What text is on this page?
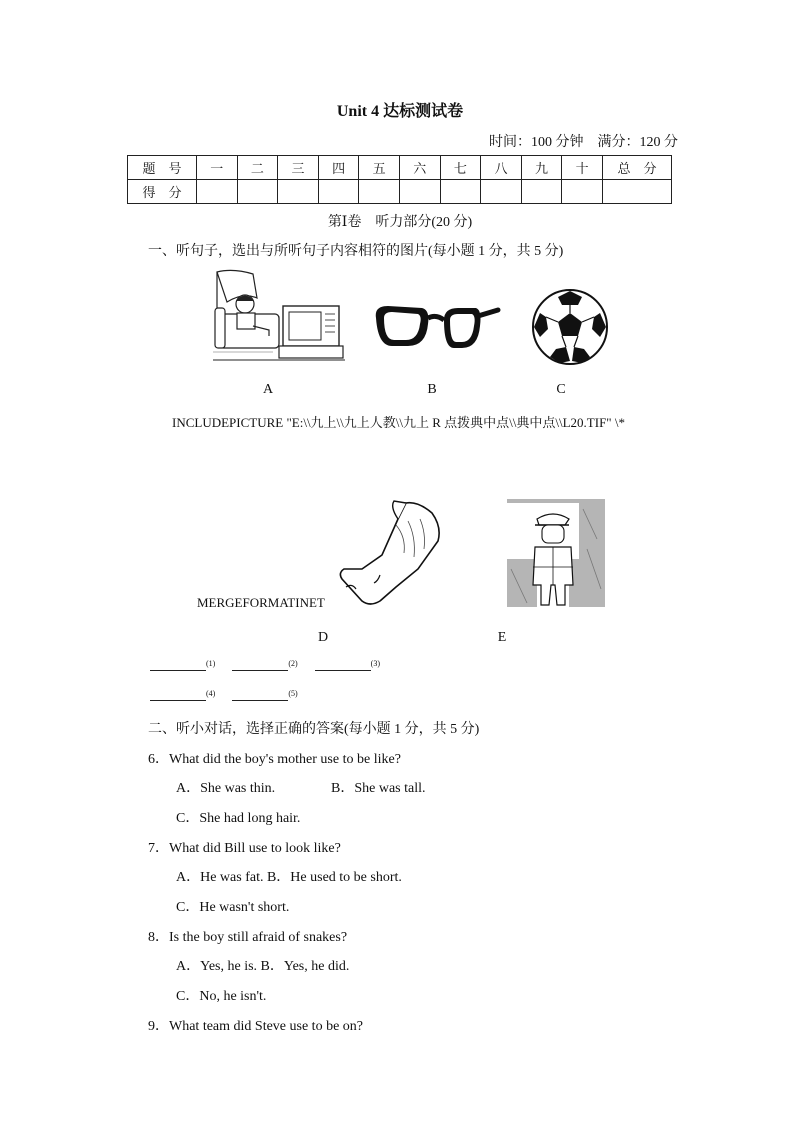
Unit 4 达标测试卷
时间：100 分钟　满分：120 分
题　号	一	二	三	四	五	六	七	八	九	十	总　分
得　分											
第Ⅰ卷　听力部分(20 分)
一、听句子，选出与所听句子内容相符的图片(每小题 1 分，共 5 分)
A	B	C
INCLUDEPICTURE "E:\\九上\\九上人教\\九上 R 点拨典中点\\典中点\\L20.TIF" \*
MERGEFORMATINET
D	E
$^{(1)}$	$^{(2)}$	$^{(3)}$
$^{(4)}$	$^{(5)}$
二、听小对话，选择正确的答案(每小题 1 分，共 5 分)
6．What did the boy's mother use to be like?
A．She was thin.	B．She was tall.
C．She had long hair.
7．What did Bill use to look like?
A．He was fat. B．He used to be short.
C．He wasn't short.
8．Is the boy still afraid of snakes?
A．Yes, he is. B．Yes, he did.
C．No, he isn't.
9．What team did Steve use to be on?
